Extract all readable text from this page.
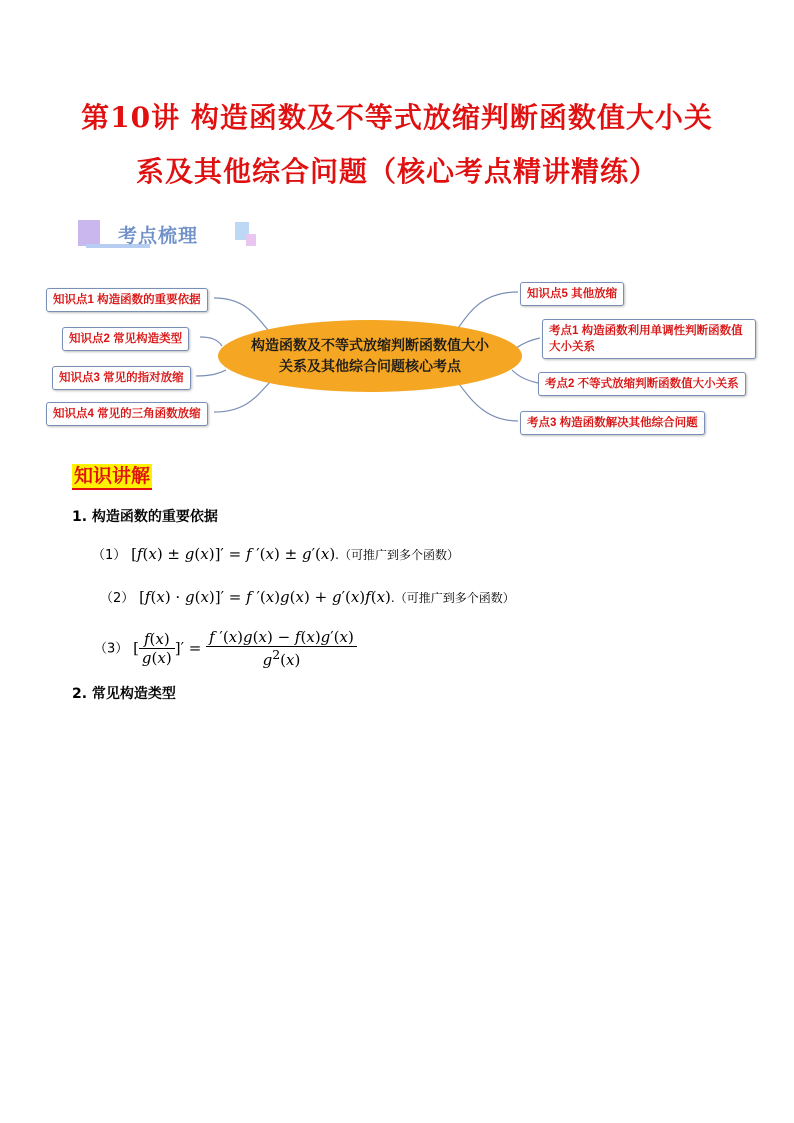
第10讲 构造函数及不等式放缩判断函数值大小关
系及其他综合问题（核心考点精讲精练）
考点梳理
知识点1 构造函数的重要依据
知识点2 常见构造类型
知识点3 常见的指对放缩
知识点4 常见的三角函数放缩
构造函数及不等式放缩判断函数值大小关系及其他综合问题核心考点
知识点5 其他放缩
考点1 构造函数利用单调性判断函数值大小关系
考点2 不等式放缩判断函数值大小关系
考点3 构造函数解决其他综合问题
知识讲解
1. 构造函数的重要依据
（1） [f(x) ± g(x)]′ = f ′(x) ± g′(x).（可推广到多个函数）
（2） [f(x) · g(x)]′ = f ′(x)g(x) + g′(x)f(x).（可推广到多个函数）
（3） [ $\frac{f(x)}{g(x)}$ ]′ = $\frac{f '(x)g(x) - f(x)g'(x)}{g^2(x)}$
2. 常见构造类型
